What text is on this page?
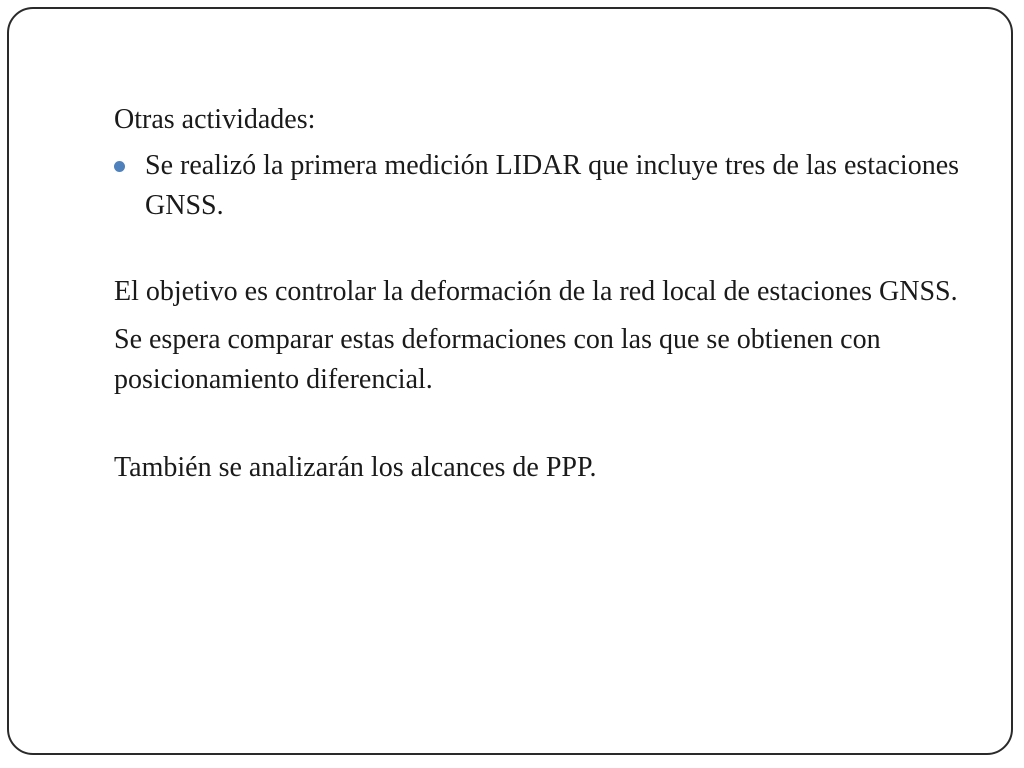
Otras actividades:

Se realizó la primera medición LIDAR que incluye tres de las estaciones GNSS.

El objetivo es controlar la deformación de la red local de estaciones GNSS.

Se espera comparar estas deformaciones con las que se obtienen con posicionamiento diferencial.

También se analizarán los alcances de PPP.
